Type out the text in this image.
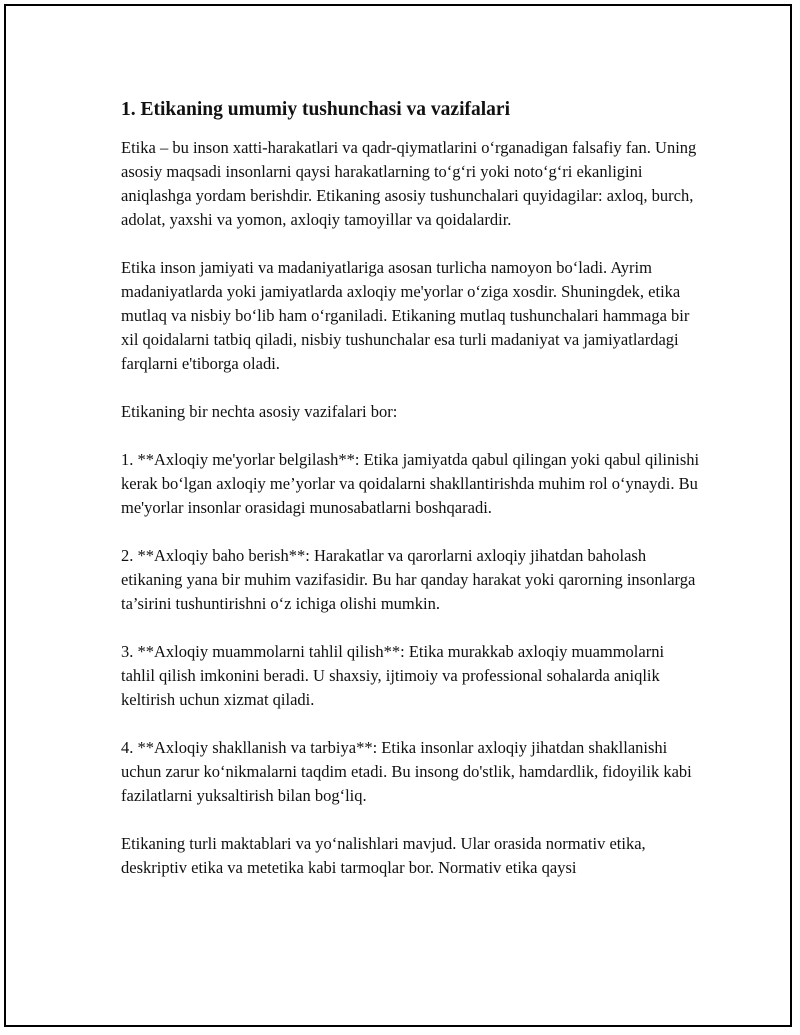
1. Etikaning umumiy tushunchasi va vazifalari

Etika – bu inson xatti-harakatlari va qadr-qiymatlarini o‘rganadigan falsafiy fan. Uning asosiy maqsadi insonlarni qaysi harakatlarning to‘g‘ri yoki noto‘g‘ri ekanligini aniqlashga yordam berishdir. Etikaning asosiy tushunchalari quyidagilar: axloq, burch, adolat, yaxshi va yomon, axloqiy tamoyillar va qoidalardir.

Etika inson jamiyati va madaniyatlariga asosan turlicha namoyon bo‘ladi. Ayrim madaniyatlarda yoki jamiyatlarda axloqiy me'yorlar o‘ziga xosdir. Shuningdek, etika mutlaq va nisbiy bo‘lib ham o‘rganiladi. Etikaning mutlaq tushunchalari hammaga bir xil qoidalarni tatbiq qiladi, nisbiy tushunchalar esa turli madaniyat va jamiyatlardagi farqlarni e'tiborga oladi.

Etikaning bir nechta asosiy vazifalari bor:

1. **Axloqiy me'yorlar belgilash**: Etika jamiyatda qabul qilingan yoki qabul qilinishi kerak bo‘lgan axloqiy me’yorlar va qoidalarni shakllantirishda muhim rol o‘ynaydi. Bu me'yorlar insonlar orasidagi munosabatlarni boshqaradi.

2. **Axloqiy baho berish**: Harakatlar va qarorlarni axloqiy jihatdan baholash etikaning yana bir muhim vazifasidir. Bu har qanday harakat yoki qarorning insonlarga ta’sirini tushuntirishni o‘z ichiga olishi mumkin.

3. **Axloqiy muammolarni tahlil qilish**: Etika murakkab axloqiy muammolarni tahlil qilish imkonini beradi. U shaxsiy, ijtimoiy va professional sohalarda aniqlik keltirish uchun xizmat qiladi.

4. **Axloqiy shakllanish va tarbiya**: Etika insonlar axloqiy jihatdan shakllanishi uchun zarur ko‘nikmalarni taqdim etadi. Bu insong do'stlik, hamdardlik, fidoyilik kabi fazilatlarni yuksaltirish bilan bog‘liq.

Etikaning turli maktablari va yo‘nalishlari mavjud. Ular orasida normativ etika, deskriptiv etika va metetika kabi tarmoqlar bor. Normativ etika qaysi
